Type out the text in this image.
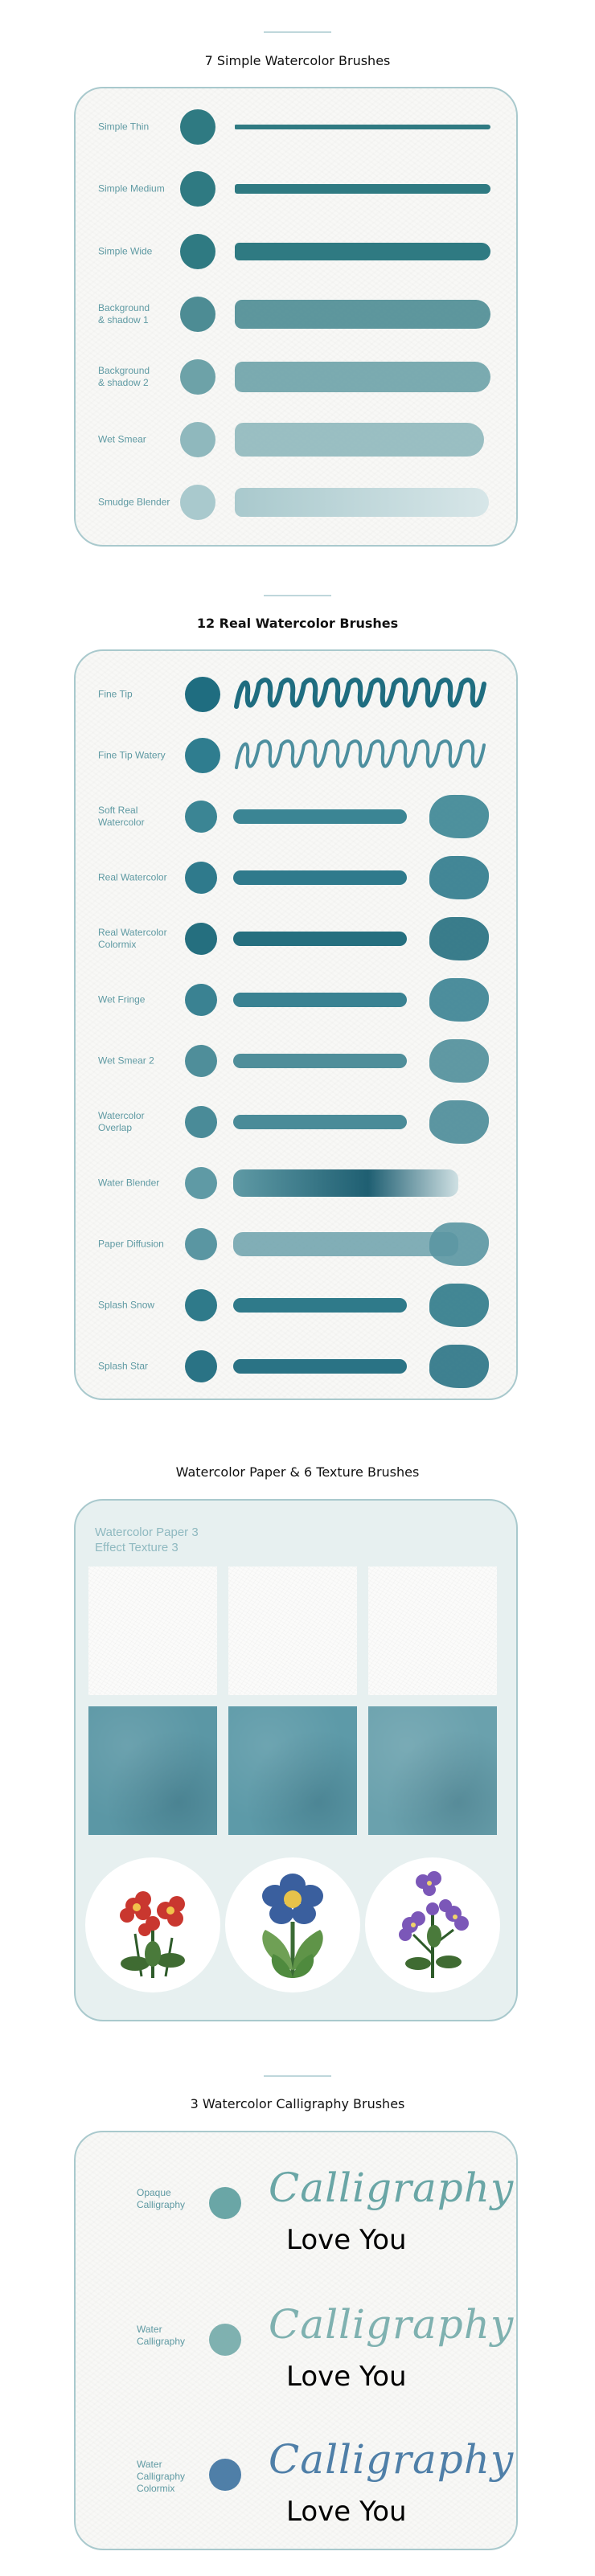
7 Simple Watercolor Brushes
Simple Thin
Simple Medium
Simple Wide
Background
& shadow 1
Background
& shadow 2
Wet Smear
Smudge Blender
12 Real Watercolor Brushes
Fine Tip
Fine Tip Watery
Soft Real
Watercolor
Real Watercolor
Real Watercolor
Colormix
Wet Fringe
Wet Smear 2
Watercolor
Overlap
Water Blender
Paper Diffusion
Splash Snow
Splash Star
Watercolor Paper & 6 Texture Brushes
Watercolor Paper 3
Effect Texture 3
3 Watercolor Calligraphy Brushes
Opaque
Calligraphy	Calligraphy
Love You
Water
Calligraphy	Calligraphy
Love You
Water
Calligraphy
Colormix
Calligraphy
Love You
